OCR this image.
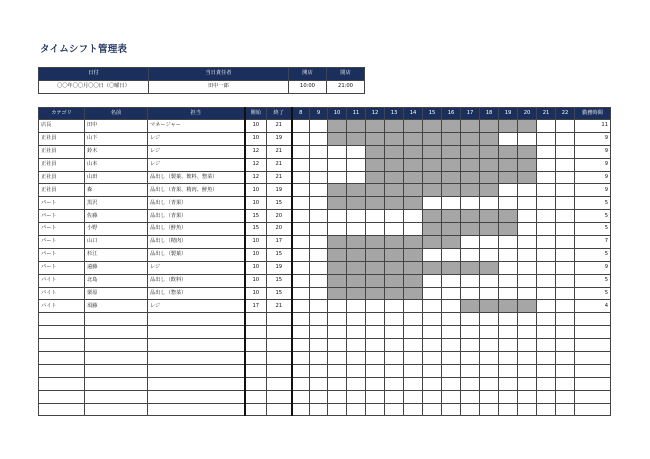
タイムシフト管理表
日付	当日責任者	開店	閉店
〇〇年〇〇月〇〇日（〇曜日）	田中一郎	10:00	21:00
カテゴリ	名前	担当	開始	終了	8	9	10	11	12	13	14	15	16	17	18	19	20	21	22	勤務時間
店長	田中	マネージャー	10	21																11
正社員	山下	レジ	10	19																9
正社員	鈴木	レジ	12	21																9
正社員	山本	レジ	12	21																9
正社員	山田	品出し（製菓、飲料、惣菜）	12	21																9
正社員	森	品出し（青果、精肉、鮮魚）	10	19																9
パート	黒沢	品出し（青果）	10	15																5
パート	佐藤	品出し（青果）	15	20																5
パート	小野	品出し（鮮魚）	15	20																5
パート	山口	品出し（精肉）	10	17																7
パート	杉江	品出し（製菓）	10	15																5
パート	遠藤	レジ	10	19																9
バイト	北島	品出し（飲料）	10	15																5
バイト	栗原	品出し（惣菜）	10	15																5
バイト	須藤	レジ	17	21																4
